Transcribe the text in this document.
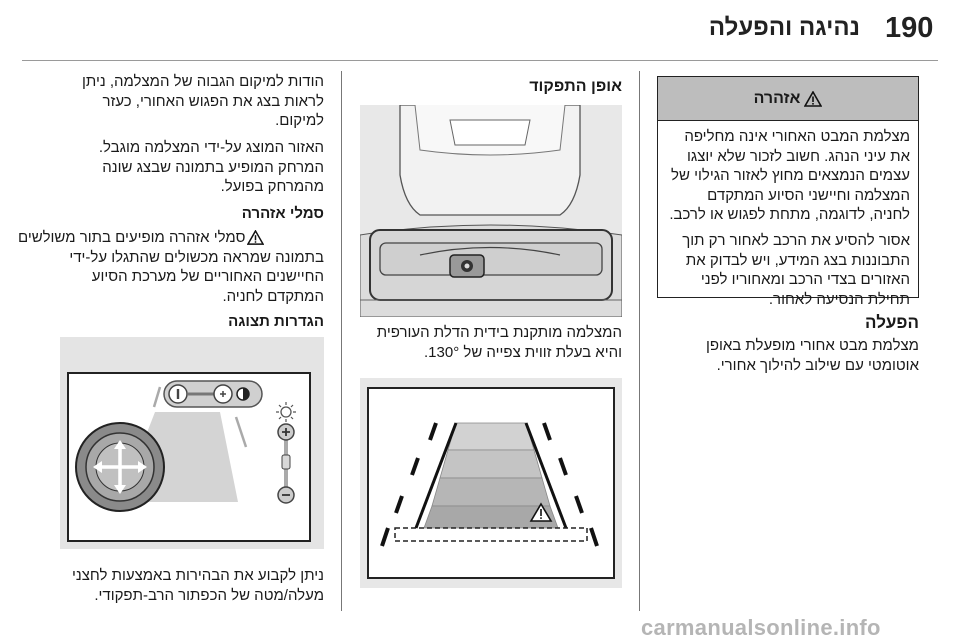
190
נהיגה והפעלה
אזהרה
מצלמת המבט האחורי אינה מחליפה
את עיני הנהג. חשוב לזכור שלא יוצגו
עצמים הנמצאים מחוץ לאזור הגילוי של
המצלמה וחיישני הסיוע המתקדם
לחניה, לדוגמה, מתחת לפגוש או לרכב.
אסור להסיע את הרכב לאחור רק תוך
התבוננות בצג המידע, ויש לבדוק את
האזורים בצדי הרכב ומאחוריו לפני
תחילת הנסיעה לאחור.
הפעלה
מצלמת מבט אחורי מופעלת באופן
אוטומטי עם שילוב להילוך אחורי.
אופן התפקוד
המצלמה מותקנת בידית הדלת העורפית
והיא בעלת זווית צפייה של 130°.
הודות למיקום הגבוה של המצלמה, ניתן
לראות בצג את הפגוש האחורי, כעזר
למיקום.
האזור המוצג על-ידי המצלמה מוגבל.
המרחק המופיע בתמונה שבצג שונה
מהמרחק בפועל.
סמלי אזהרה
סמלי אזהרה מופיעים בתור משולשים
בתמונה שמראה מכשולים שהתגלו על-ידי
החיישנים האחוריים של מערכת הסיוע
המתקדם לחניה.
הגדרות תצוגה
ניתן לקבוע את הבהירות באמצעות לחצני
מעלה/מטה של הכפתור הרב-תפקודי.
carmanualsonline.info
